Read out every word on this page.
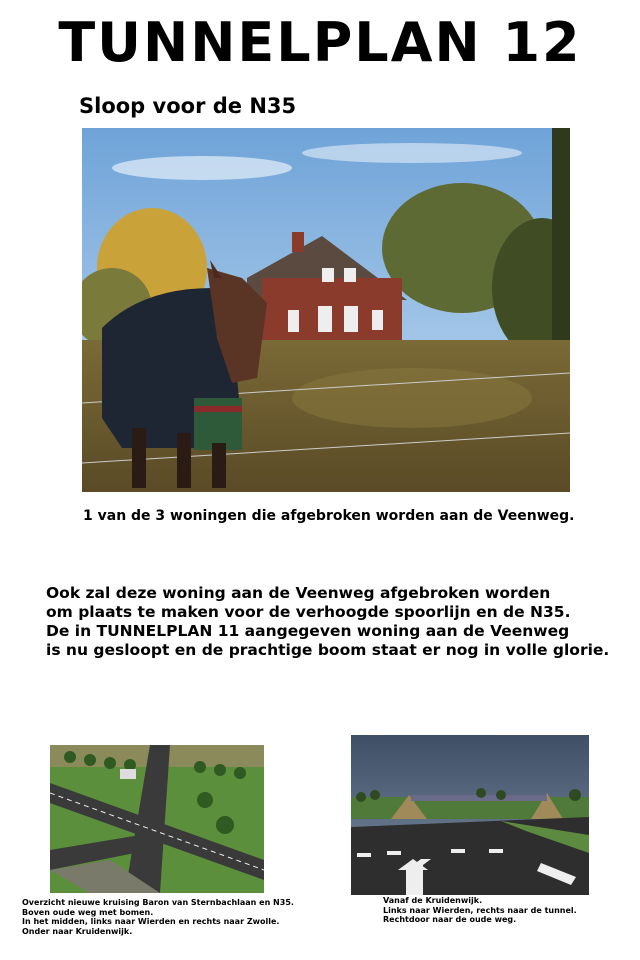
TUNNELPLAN 12
Sloop voor de N35
1 van de 3 woningen die afgebroken worden aan de Veenweg.
Ook zal deze woning aan de Veenweg afgebroken worden
om plaats te maken voor de verhoogde spoorlijn en de N35.
De in TUNNELPLAN 11 aangegeven woning aan de Veenweg
is nu gesloopt en de prachtige boom staat er nog in volle glorie.
Overzicht nieuwe kruising Baron van Sternbachlaan en N35.
Boven oude weg met bomen.
In het midden, links naar Wierden en rechts naar Zwolle.
Onder naar Kruidenwijk.
Vanaf de Kruidenwijk.
Links naar Wierden, rechts naar de tunnel.
Rechtdoor naar de oude weg.
